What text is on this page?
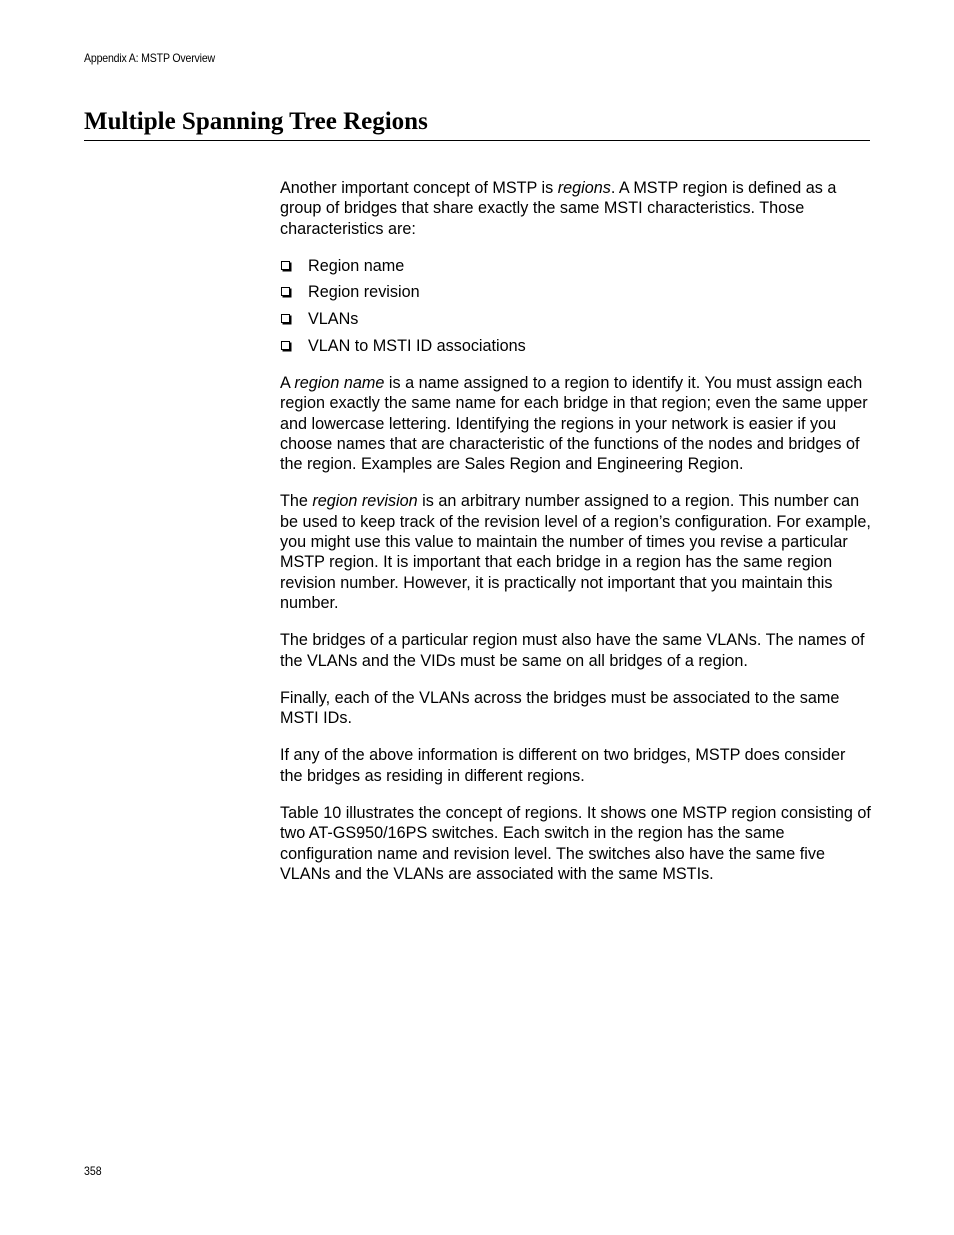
Appendix A: MSTP Overview
Multiple Spanning Tree Regions

Another important concept of MSTP is regions. A MSTP region is defined as a group of bridges that share exactly the same MSTI characteristics. Those characteristics are:

Region name
Region revision
VLANs
VLAN to MSTI ID associations

A region name is a name assigned to a region to identify it. You must assign each region exactly the same name for each bridge in that region; even the same upper and lowercase lettering. Identifying the regions in your network is easier if you choose names that are characteristic of the functions of the nodes and bridges of the region. Examples are Sales Region and Engineering Region.

The region revision is an arbitrary number assigned to a region. This number can be used to keep track of the revision level of a region’s configuration. For example, you might use this value to maintain the number of times you revise a particular MSTP region. It is important that each bridge in a region has the same region revision number. However, it is practically not important that you maintain this number.

The bridges of a particular region must also have the same VLANs. The names of the VLANs and the VIDs must be same on all bridges of a region.

Finally, each of the VLANs across the bridges must be associated to the same MSTI IDs.

If any of the above information is different on two bridges, MSTP does consider the bridges as residing in different regions.

Table 10 illustrates the concept of regions. It shows one MSTP region consisting of two AT-GS950/16PS switches. Each switch in the region has the same configuration name and revision level. The switches also have the same five VLANs and the VLANs are associated with the same MSTIs.

358
